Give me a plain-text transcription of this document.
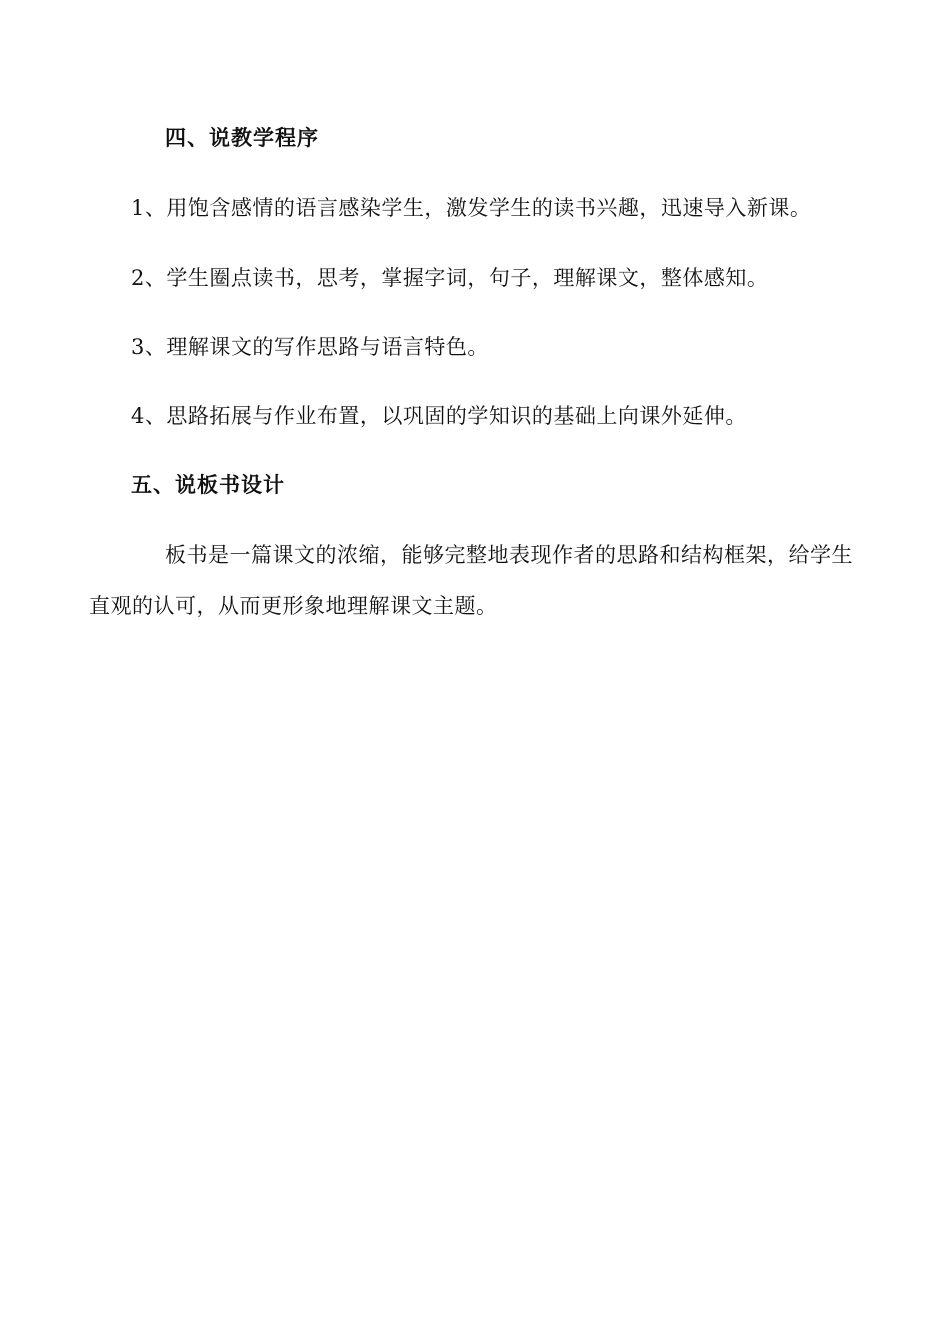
四、说教学程序
1、用饱含感情的语言感染学生，激发学生的读书兴趣，迅速导入新课。
2、学生圈点读书，思考，掌握字词，句子，理解课文，整体感知。
3、理解课文的写作思路与语言特色。
4、思路拓展与作业布置，以巩固的学知识的基础上向课外延伸。
五、说板书设计
板书是一篇课文的浓缩，能够完整地表现作者的思路和结构框架，给学生
直观的认可，从而更形象地理解课文主题。
